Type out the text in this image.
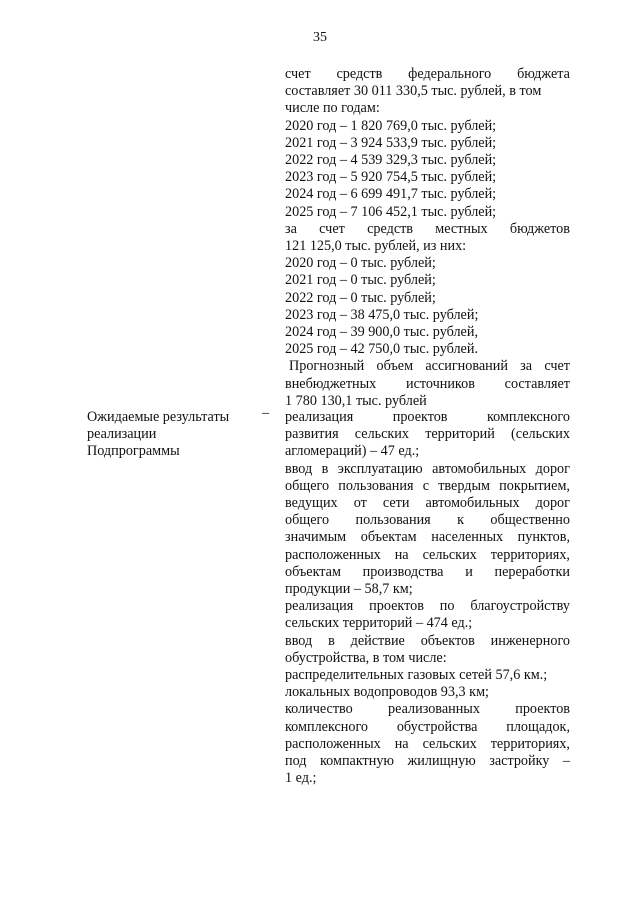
35
счет средств федерального бюджета
составляет 30 011 330,5 тыс. рублей, в том
числе по годам:
2020 год – 1 820 769,0 тыс. рублей;
2021 год – 3 924 533,9 тыс. рублей;
2022 год – 4 539 329,3 тыс. рублей;
2023 год – 5 920 754,5 тыс. рублей;
2024 год – 6 699 491,7 тыс. рублей;
2025 год – 7 106 452,1 тыс. рублей;
за счет средств местных бюджетов
121 125,0 тыс. рублей, из них:
2020 год – 0 тыс. рублей;
2021 год – 0 тыс. рублей;
2022 год – 0 тыс. рублей;
2023 год – 38 475,0 тыс. рублей;
2024 год – 39 900,0 тыс. рублей,
2025 год – 42 750,0 тыс. рублей.
Прогнозный объем ассигнований за счет
внебюджетных источников составляет
1 780 130,1 тыс. рублей
Ожидаемые результаты
реализации
Подпрограммы
– реализация	проектов	комплексного
развития сельских территорий (сельских
агломераций) – 47 ед.;
ввод в эксплуатацию автомобильных дорог
общего пользования с твердым покрытием,
ведущих от сети автомобильных дорог
общего пользования к общественно
значимым объектам населенных пунктов,
расположенных на сельских территориях,
объектам производства и переработки
продукции – 58,7 км;
реализация проектов по благоустройству
сельских территорий – 474 ед.;
ввод в действие объектов инженерного
обустройства, в том числе:
распределительных газовых сетей 57,6 км.;
локальных водопроводов 93,3 км;
количество реализованных проектов
комплексного обустройства площадок,
расположенных на сельских территориях,
под компактную жилищную застройку –
1 ед.;
